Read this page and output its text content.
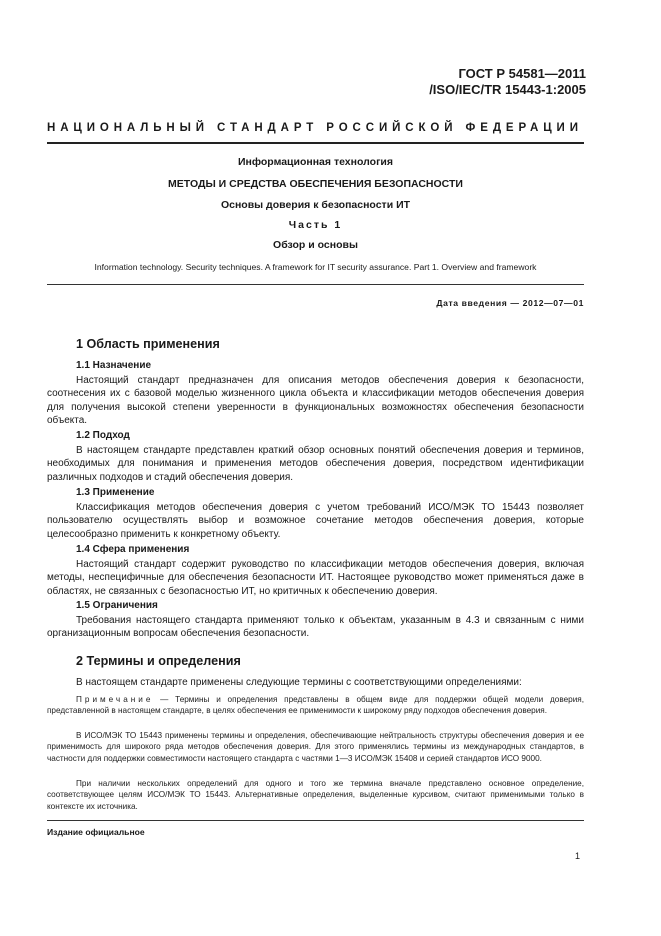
ГОСТ Р 54581—2011
/ISO/IEC/TR 15443-1:2005
НАЦИОНАЛЬНЫЙ СТАНДАРТ РОССИЙСКОЙ ФЕДЕРАЦИИ
Информационная технология
МЕТОДЫ И СРЕДСТВА ОБЕСПЕЧЕНИЯ БЕЗОПАСНОСТИ
Основы доверия к безопасности ИТ
Часть 1
Обзор и основы
Information technology. Security techniques. A framework for IT security assurance. Part 1. Overview and framework
Дата введения — 2012—07—01
1 Область применения
1.1 Назначение

Настоящий стандарт предназначен для описания методов обеспечения доверия к безопасности, соотнесения их с базовой моделью жизненного цикла объекта и классификации методов обеспечения доверия для получения высокой степени уверенности в функциональных возможностях обеспечения безопасности объекта.

1.2 Подход

В настоящем стандарте представлен краткий обзор основных понятий обеспечения доверия и терминов, необходимых для понимания и применения методов обеспечения доверия, посредством идентификации различных подходов и стадий обеспечения доверия.

1.3 Применение

Классификация методов обеспечения доверия с учетом требований ИСО/МЭК ТО 15443 позволяет пользователю осуществлять выбор и возможное сочетание методов обеспечения доверия, которые целесообразно применить к конкретному объекту.

1.4 Сфера применения

Настоящий стандарт содержит руководство по классификации методов обеспечения доверия, включая методы, неспецифичные для обеспечения безопасности ИТ. Настоящее руководство может применяться даже в областях, не связанных с безопасностью ИТ, но критичных к обеспечению доверия.

1.5 Ограничения

Требования настоящего стандарта применяют только к объектам, указанным в 4.3 и связанным с ними организационным вопросам обеспечения безопасности.

2 Термины и определения

В настоящем стандарте применены следующие термины с соответствующими определениями:

Примечание — Термины и определения представлены в общем виде для поддержки общей модели доверия, представленной в настоящем стандарте, в целях обеспечения ее применимости к широкому ряду подходов обеспечения доверия.

В ИСО/МЭК ТО 15443 применены термины и определения, обеспечивающие нейтральность структуры обеспечения доверия и ее применимость для широкого ряда методов обеспечения доверия. Для этого применялись термины из международных стандартов, в частности для поддержки совместимости настоящего стандарта с частями 1—3 ИСО/МЭК 15408 и серией стандартов ИСО 9000.

При наличии нескольких определений для одного и того же термина вначале представлено основное определение, соответствующее целям ИСО/МЭК ТО 15443. Альтернативные определения, выделенные курсивом, считают применимыми только в контексте их источника.

Издание официальное
1
